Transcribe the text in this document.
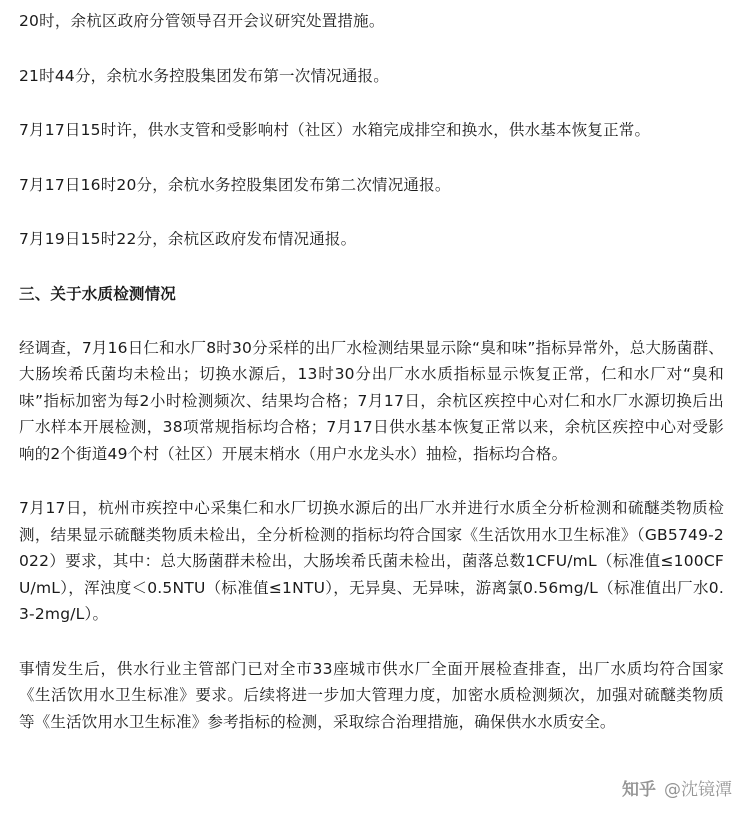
20时，余杭区政府分管领导召开会议研究处置措施。

21时44分，余杭水务控股集团发布第一次情况通报。

7月17日15时许，供水支管和受影响村（社区）水箱完成排空和换水，供水基本恢复正常。

7月17日16时20分，余杭水务控股集团发布第二次情况通报。

7月19日15时22分，余杭区政府发布情况通报。

三、关于水质检测情况

经调查，7月16日仁和水厂8时30分采样的出厂水检测结果显示除“臭和味”指标异常外，总大肠菌群、大肠埃希氏菌均未检出；切换水源后，13时30分出厂水水质指标显示恢复正常，仁和水厂对“臭和味”指标加密为每2小时检测频次、结果均合格；7月17日，余杭区疾控中心对仁和水厂水源切换后出厂水样本开展检测，38项常规指标均合格；7月17日供水基本恢复正常以来，余杭区疾控中心对受影响的2个街道49个村（社区）开展末梢水（用户水龙头水）抽检，指标均合格。

7月17日，杭州市疾控中心采集仁和水厂切换水源后的出厂水并进行水质全分析检测和硫醚类物质检测，结果显示硫醚类物质未检出，全分析检测的指标均符合国家《生活饮用水卫生标准》（GB5749-2022）要求，其中：总大肠菌群未检出，大肠埃希氏菌未检出，菌落总数1CFU/mL（标准值≤100CFU/mL），浑浊度＜0.5NTU（标准值≤1NTU），无异臭、无异味，游离氯0.56mg/L（标准值出厂水0.3-2mg/L）。

事情发生后，供水行业主管部门已对全市33座城市供水厂全面开展检查排查，出厂水质均符合国家《生活饮用水卫生标准》要求。后续将进一步加大管理力度，加密水质检测频次，加强对硫醚类物质等《生活饮用水卫生标准》参考指标的检测，采取综合治理措施，确保供水水质安全。

知乎 @沈镜潭
